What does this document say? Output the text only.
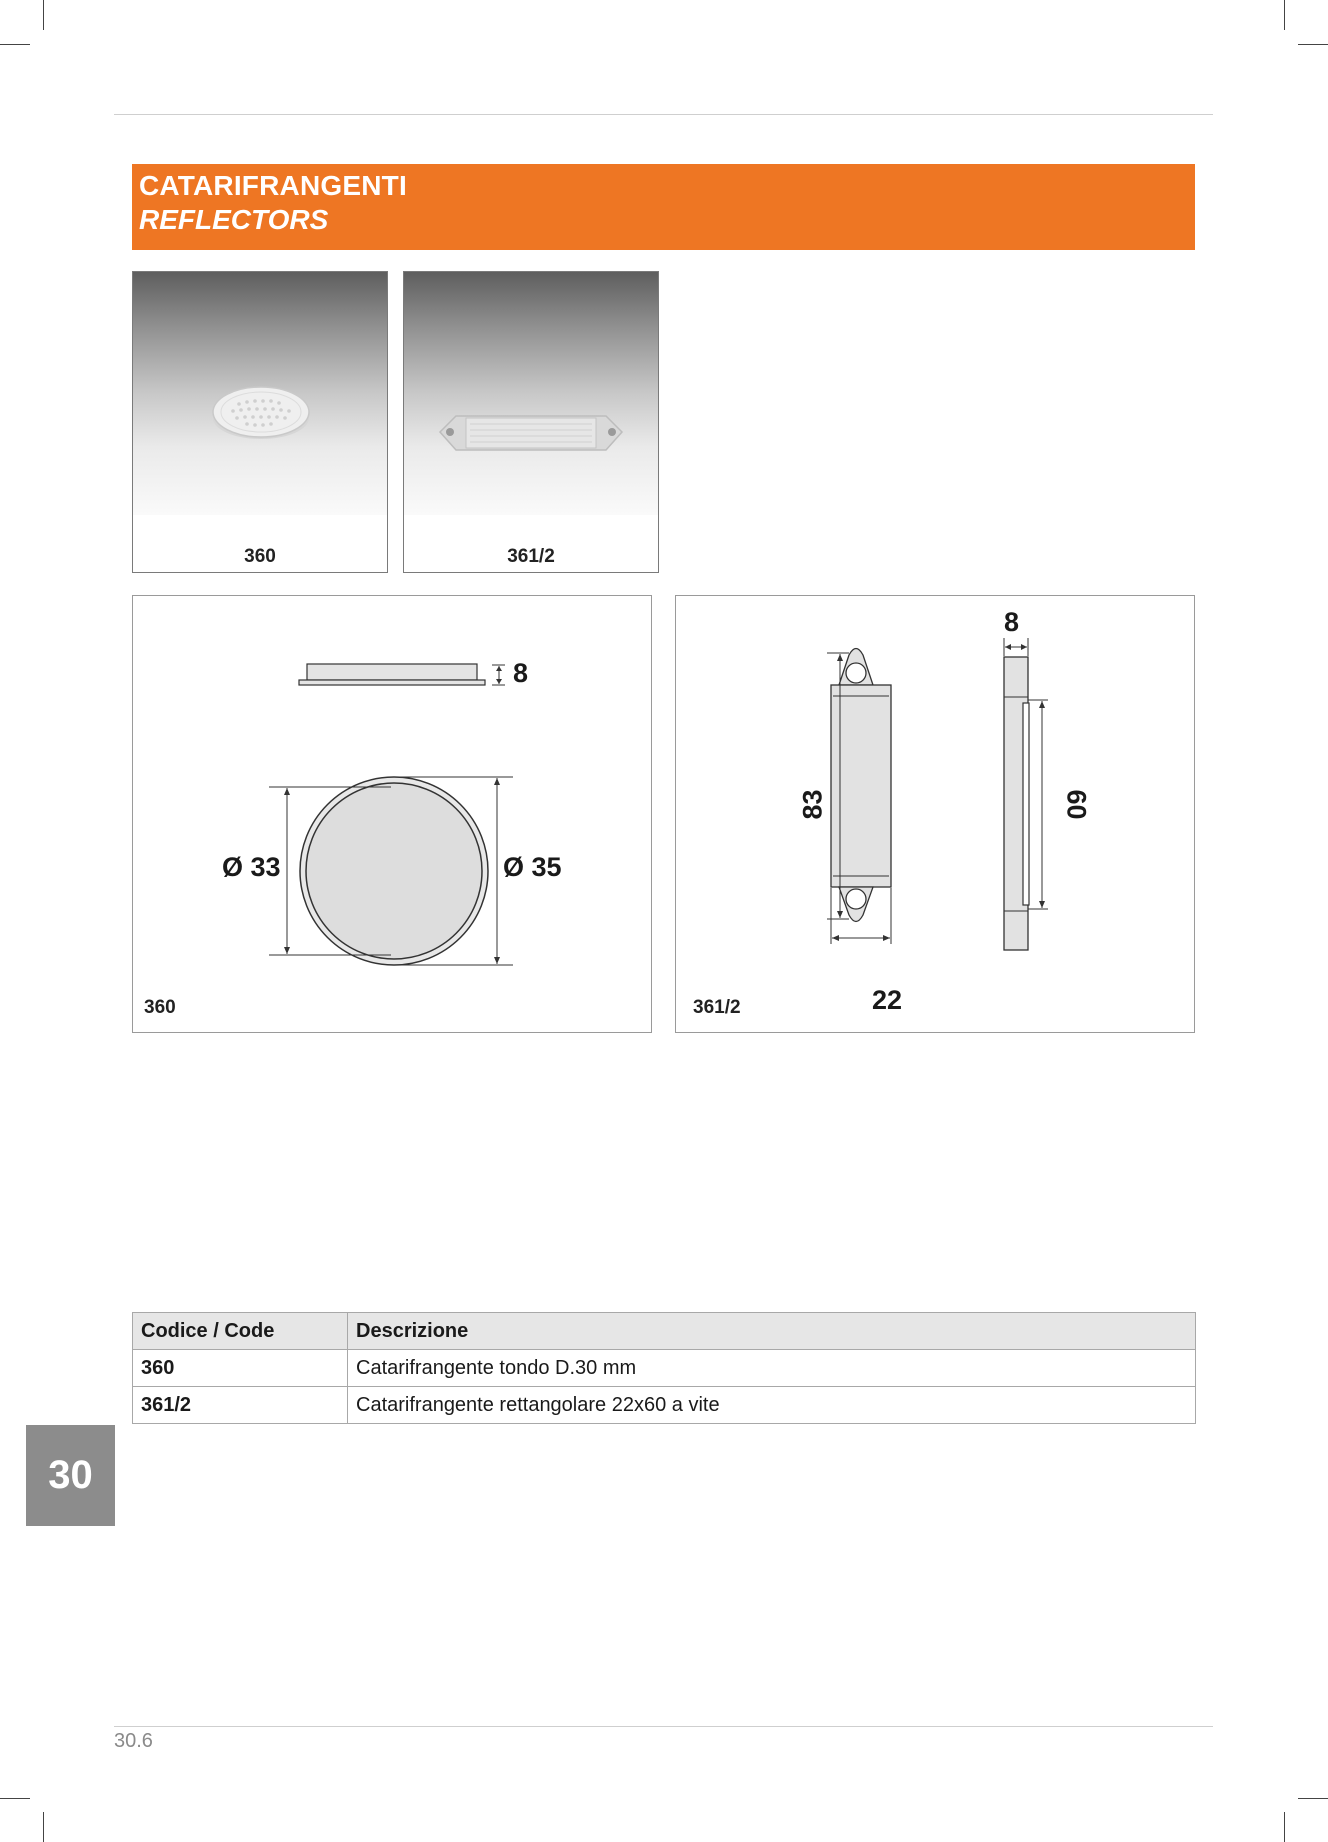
CATARIFRANGENTI
REFLECTORS
360	361/2
8
Ø 33	Ø 35
360
8
83	60
22
361/2
Codice / Code	Descrizione
360	Catarifrangente tondo D.30 mm
361/2	Catarifrangente rettangolare 22x60 a vite
30
30.6
